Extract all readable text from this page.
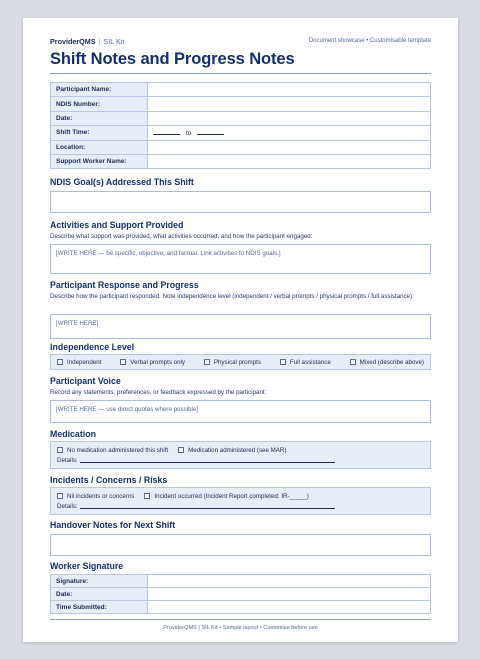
ProviderQMS | SIL Kit	Document showcase • Customisable template
Shift Notes and Progress Notes
Participant Name:	
NDIS Number:	
Date:	
Shift Time:	to
Location:	
Support Worker Name:	
NDIS Goal(s) Addressed This Shift
Activities and Support Provided
Describe what support was provided, what activities occurred, and how the participant engaged:
[WRITE HERE — be specific, objective, and factual. Link activities to NDIS goals.]
Participant Response and Progress
Describe how the participant responded. Note independence level (independent / verbal prompts / physical prompts / full assistance):
[WRITE HERE]
Independence Level
Independent	Verbal prompts only	Physical prompts	Full assistance	Mixed (describe above)
Participant Voice
Record any statements, preferences, or feedback expressed by the participant:
[WRITE HERE — use direct quotes where possible]
Medication
No medication administered this shift	Medication administered (see MAR)
Details:
Incidents / Concerns / Risks
Nil incidents or concerns	Incident occurred (Incident Report completed: IR-_____)
Details:
Handover Notes for Next Shift
Worker Signature
Signature:	
Date:	
Time Submitted:	
ProviderQMS | SIL Kit • Sample layout • Customise before use
